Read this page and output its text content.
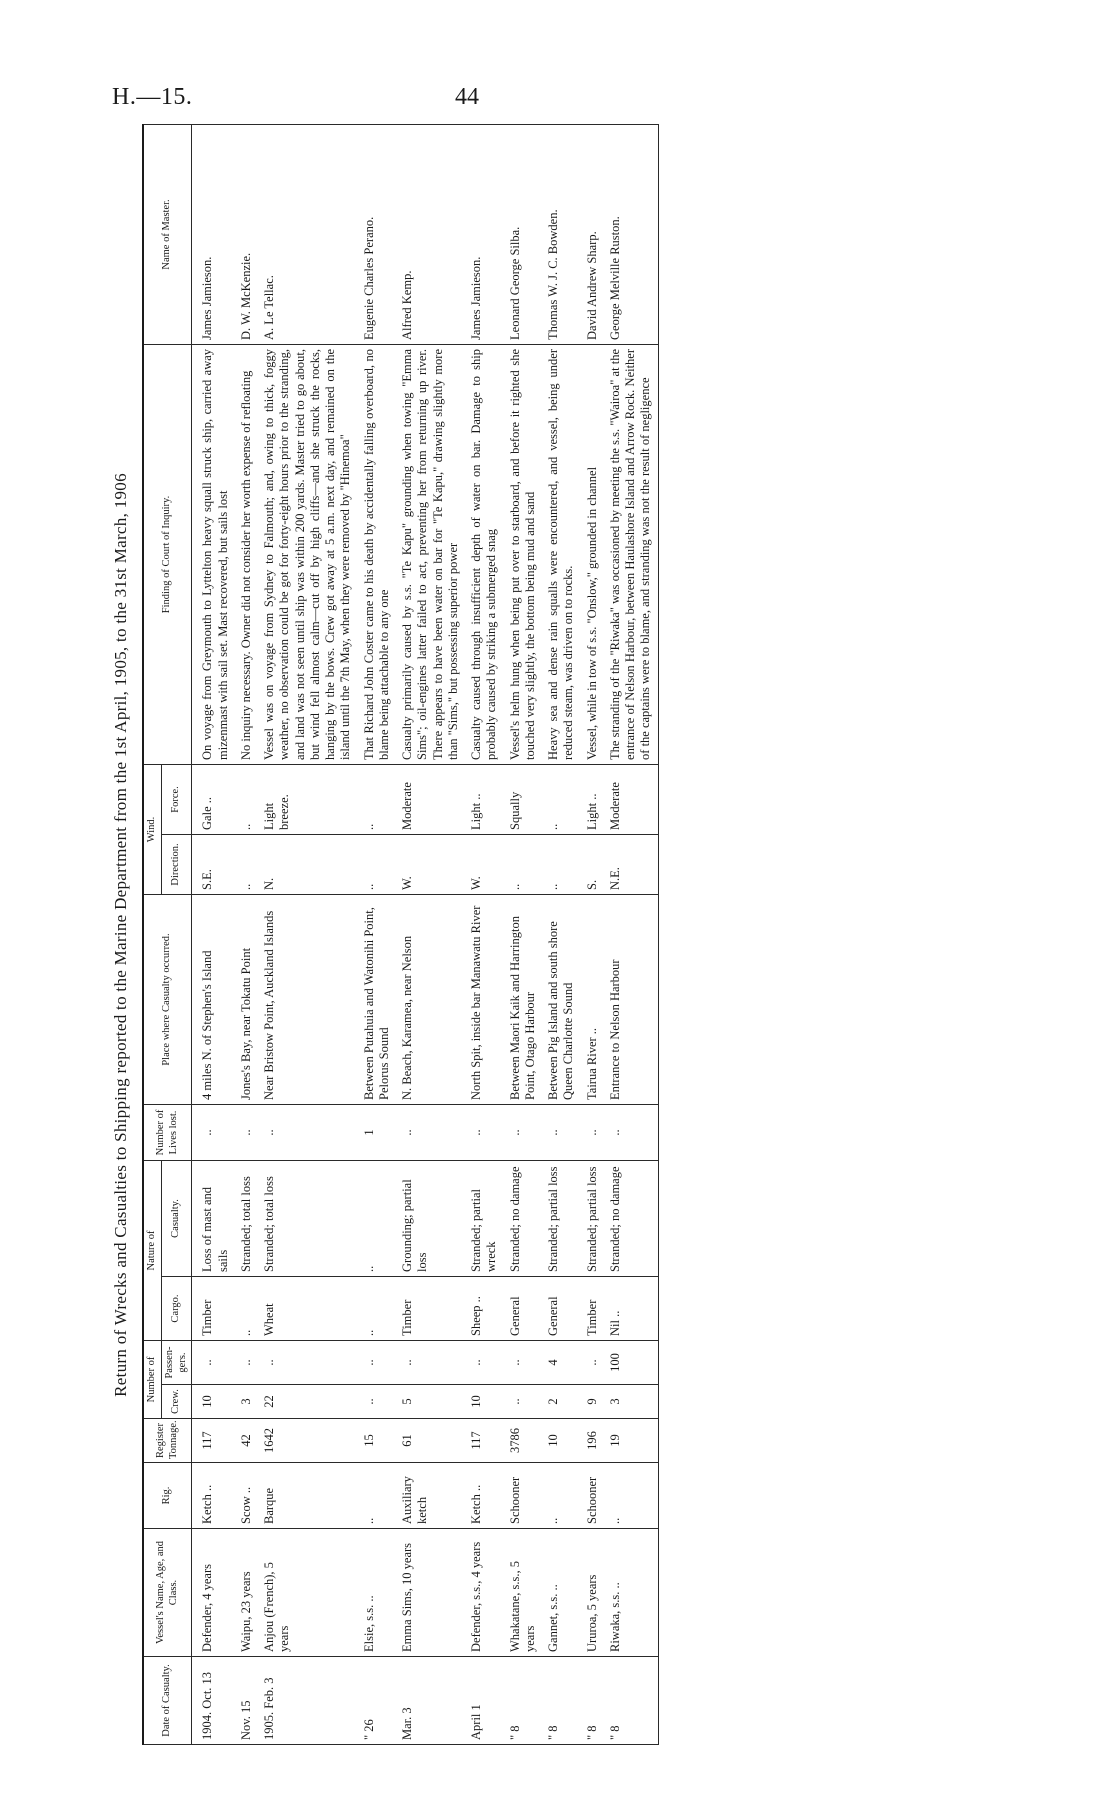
H.—15.	44
Return of Wrecks and Casualties to Shipping reported to the Marine Department from the 1st April, 1905, to the 31st March, 1906
Date of Casualty.	Vessel's Name, Age, and Class.	Rig.	Register Tonnage.	Number of		Nature of		Number of Lives lost.	Place where Casualty occurred.	Wind.		Finding of Court of Inquiry.	Name of Master.
				Crew.	Passen-gers.	Cargo.	Casualty.			Direction.	Force.		
1904. Oct. 13	Defender, 4 years	Ketch ..	117	10	..	Timber	Loss of mast and sails	..	4 miles N. of Stephen's Island	S.E.	Gale ..	On voyage from Greymouth to Lyttelton heavy squall struck ship, carried away mizenmast with sail set. Mast recovered, but sails lost	James Jamieson.
Nov. 15	Waipu, 23 years	Scow ..	42	3	..	..	Stranded; total loss	..	Jones's Bay, near Tokatu Point	..	..	No inquiry necessary. Owner did not consider her worth expense of refloating	D. W. McKenzie.
1905. Feb. 3	Anjou (French), 5 years	Barque	1642	22	..	Wheat	Stranded; total loss	..	Near Bristow Point, Auckland Islands	N.	Light breeze.	Vessel was on voyage from Sydney to Falmouth; and, owing to thick, foggy weather, no observation could be got for forty-eight hours prior to the stranding, and land was not seen until ship was within 200 yards. Master tried to go about, but wind fell almost calm—cut off by high cliffs—and she struck the rocks, hanging by the bows. Crew got away at 5 a.m. next day, and remained on the island until the 7th May, when they were removed by "Hinemoa"	A. Le Tellac.
" 26	Elsie, s.s. ..	..	15	..	..	..	..	1	Between Putahuia and Watonihi Point, Pelorus Sound	..	..	That Richard John Coster came to his death by accidentally falling overboard, no blame being attachable to any one	Eugenie Charles Perano.
Mar. 3	Emma Sims, 10 years	Auxiliary ketch	61	5	..	Timber	Grounding; partial loss	..	N. Beach, Karamea, near Nelson	W.	Moderate	Casualty primarily caused by s.s. "Te Kapu" grounding when towing "Emma Sims"; oil-engines latter failed to act, preventing her from returning up river. There appears to have been water on bar for "Te Kapu," drawing slightly more than "Sims," but possessing superior power	Alfred Kemp.
April 1	Defender, s.s., 4 years	Ketch ..	117	10	..	Sheep ..	Stranded; partial wreck	..	North Spit, inside bar Manawatu River	W.	Light ..	Casualty caused through insufficient depth of water on bar. Damage to ship probably caused by striking a submerged snag	James Jamieson.
" 8	Whakatane, s.s., 5 years	Schooner	3786	..	..	General	Stranded; no damage	..	Between Maori Kaik and Harrington Point, Otago Harbour	..	Squally	Vessel's helm hung when being put over to starboard, and before it righted she touched very slightly, the bottom being mud and sand	Leonard George Silba.
" 8	Gannet, s.s. ..	..	10	2	4	General	Stranded; partial loss	..	Between Pig Island and south shore Queen Charlotte Sound	..	..	Heavy sea and dense rain squalls were encountered, and vessel, being under reduced steam, was driven on to rocks.	Thomas W. J. C. Bowden.
" 8	Ururoa, 5 years	Schooner	196	9	..	Timber	Stranded; partial loss	..	Tairua River ..	S.	Light ..	Vessel, while in tow of s.s. "Onslow," grounded in channel	David Andrew Sharp.
" 8	Riwaka, s.s. ..	..	19	3	100	Nil ..	Stranded; no damage	..	Entrance to Nelson Harbour	N.E.	Moderate	The stranding of the "Riwaka" was occasioned by meeting the s.s. "Wairoa" at the entrance of Nelson Harbour, between Haulashore Island and Arrow Rock. Neither of the captains were to blame, and stranding was not the result of negligence	George Melville Ruston.
